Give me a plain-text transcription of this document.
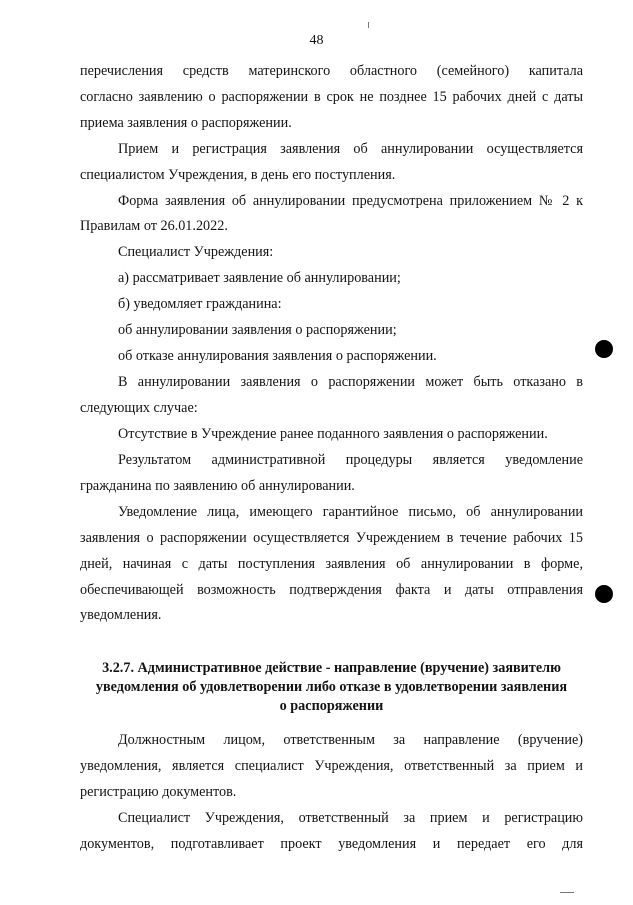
48
перечисления средств материнского областного (семейного) капитала
согласно заявлению о распоряжении в срок не позднее 15 рабочих дней с даты
приема заявления о распоряжении.
Прием и регистрация заявления об аннулировании осуществляется
специалистом Учреждения, в день его поступления.
Форма заявления об аннулировании предусмотрена приложением № 2 к
Правилам от 26.01.2022.
Специалист Учреждения:
а) рассматривает заявление об аннулировании;
б) уведомляет гражданина:
об аннулировании заявления о распоряжении;
об отказе аннулирования заявления о распоряжении.
В аннулировании заявления о распоряжении может быть отказано в
следующих случае:
Отсутствие в Учреждение ранее поданного заявления о распоряжении.
Результатом административной процедуры является уведомление
гражданина по заявлению об аннулировании.
Уведомление лица, имеющего гарантийное письмо, об аннулировании
заявления о распоряжении осуществляется Учреждением в течение рабочих 15
дней, начиная с даты поступления заявления об аннулировании в форме,
обеспечивающей возможность подтверждения факта и даты отправления
уведомления.
3.2.7. Административное действие - направление (вручение) заявителю
уведомления об удовлетворении либо отказе в удовлетворении заявления
о распоряжении
Должностным лицом, ответственным за направление (вручение)
уведомления, является специалист Учреждения, ответственный за прием и
регистрацию документов.
Специалист Учреждения, ответственный за прием и регистрацию
документов, подготавливает проект уведомления и передает его для
